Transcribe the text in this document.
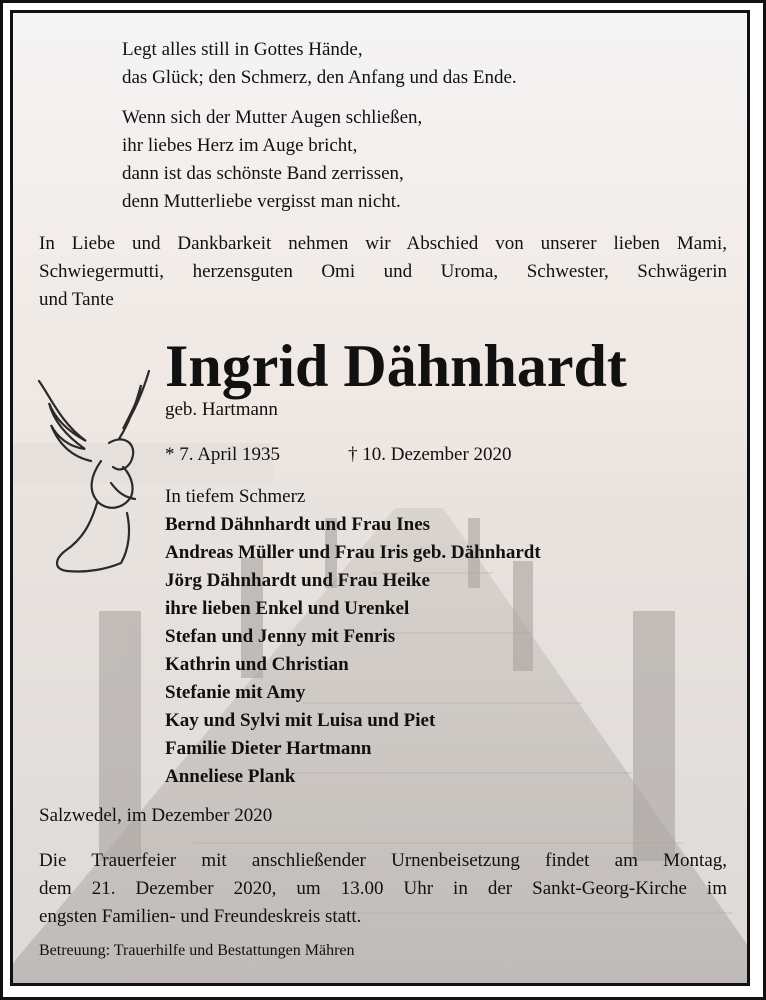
Legt alles still in Gottes Hände,

das Glück; den Schmerz, den Anfang und das Ende.

Wenn sich der Mutter Augen schließen,

ihr liebes Herz im Auge bricht,

dann ist das schönste Band zerrissen,

denn Mutterliebe vergisst man nicht.

In Liebe und Dankbarkeit nehmen wir Abschied von unserer lieben Mami,
Schwiegermutti, herzensguten Omi und Uroma, Schwester, Schwägerin
und Tante
Ingrid Dähnhardt
geb. Hartmann
* 7. April 1935	† 10. Dezember 2020
In tiefem Schmerz
Bernd Dähnhardt und Frau Ines
Andreas Müller und Frau Iris geb. Dähnhardt
Jörg Dähnhardt und Frau Heike
ihre lieben Enkel und Urenkel
Stefan und Jenny mit Fenris
Kathrin und Christian
Stefanie mit Amy
Kay und Sylvi mit Luisa und Piet
Familie Dieter Hartmann
Anneliese Plank
Salzwedel, im Dezember 2020
Die Trauerfeier mit anschließender Urnenbeisetzung findet am Montag,
dem 21. Dezember 2020, um 13.00 Uhr in der Sankt-Georg-Kirche im
engsten Familien- und Freundeskreis statt.
Betreuung: Trauerhilfe und Bestattungen Mähren
